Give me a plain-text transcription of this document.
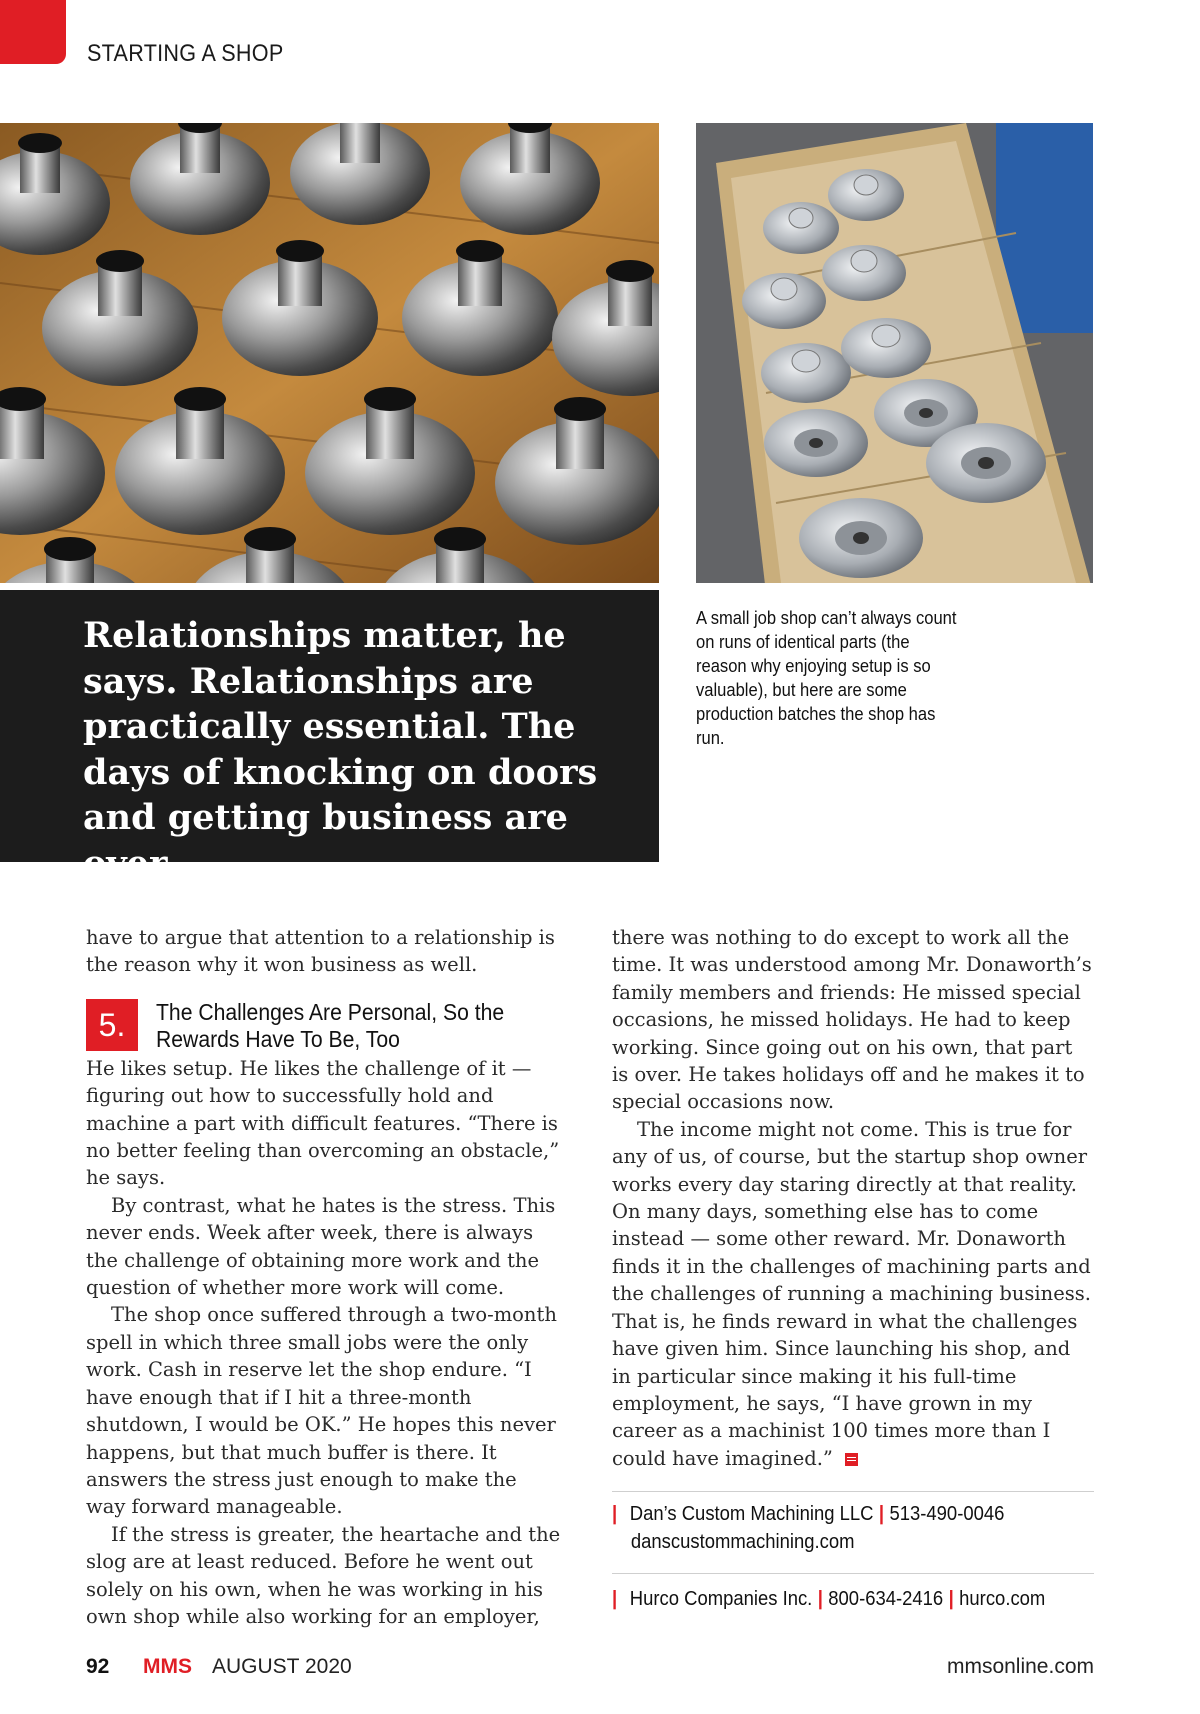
STARTING A SHOP
Relationships matter, he says. Relationships are practically essential. The days of knocking on doors and getting business are over.
A small job shop can’t always count on runs of identical parts (the reason why enjoying setup is so valuable), but here are some production batches the shop has run.

have to argue that attention to a relationship is the reason why it won business as well.

5.	The Challenges Are Personal, So the Rewards Have To Be, Too

He likes setup. He likes the challenge of it — figuring out how to successfully hold and machine a part with difficult features. “There is no better feeling than overcoming an obstacle,” he says.

By contrast, what he hates is the stress. This never ends. Week after week, there is always the challenge of obtaining more work and the question of whether more work will come.

The shop once suffered through a two-month spell in which three small jobs were the only work. Cash in reserve let the shop endure. “I have enough that if I hit a three-month shutdown, I would be OK.” He hopes this never happens, but that much buffer is there. It answers the stress just enough to make the way forward manageable.

If the stress is greater, the heartache and the slog are at least reduced. Before he went out solely on his own, when he was working in his own shop while also working for an employer,

there was nothing to do except to work all the time. It was understood among Mr. Donaworth’s family members and friends: He missed special occasions, he missed holidays. He had to keep working. Since going out on his own, that part is over. He takes holidays off and he makes it to special occasions now.

The income might not come. This is true for any of us, of course, but the startup shop owner works every day staring directly at that reality. On many days, something else has to come instead — some other reward. Mr. Donaworth finds it in the challenges of machining parts and the challenges of running a machining business. That is, he finds reward in what the challenges have given him. Since launching his shop, and in particular since making it his full-time employment, he says, “I have grown in my career as a machinist 100 times more than I could have imagined.”

| Dan’s Custom Machining LLC | 513-490-0046
danscustommachining.com
| Hurco Companies Inc. | 800-634-2416 | hurco.com
92 MMS AUGUST 2020	mmsonline.com
